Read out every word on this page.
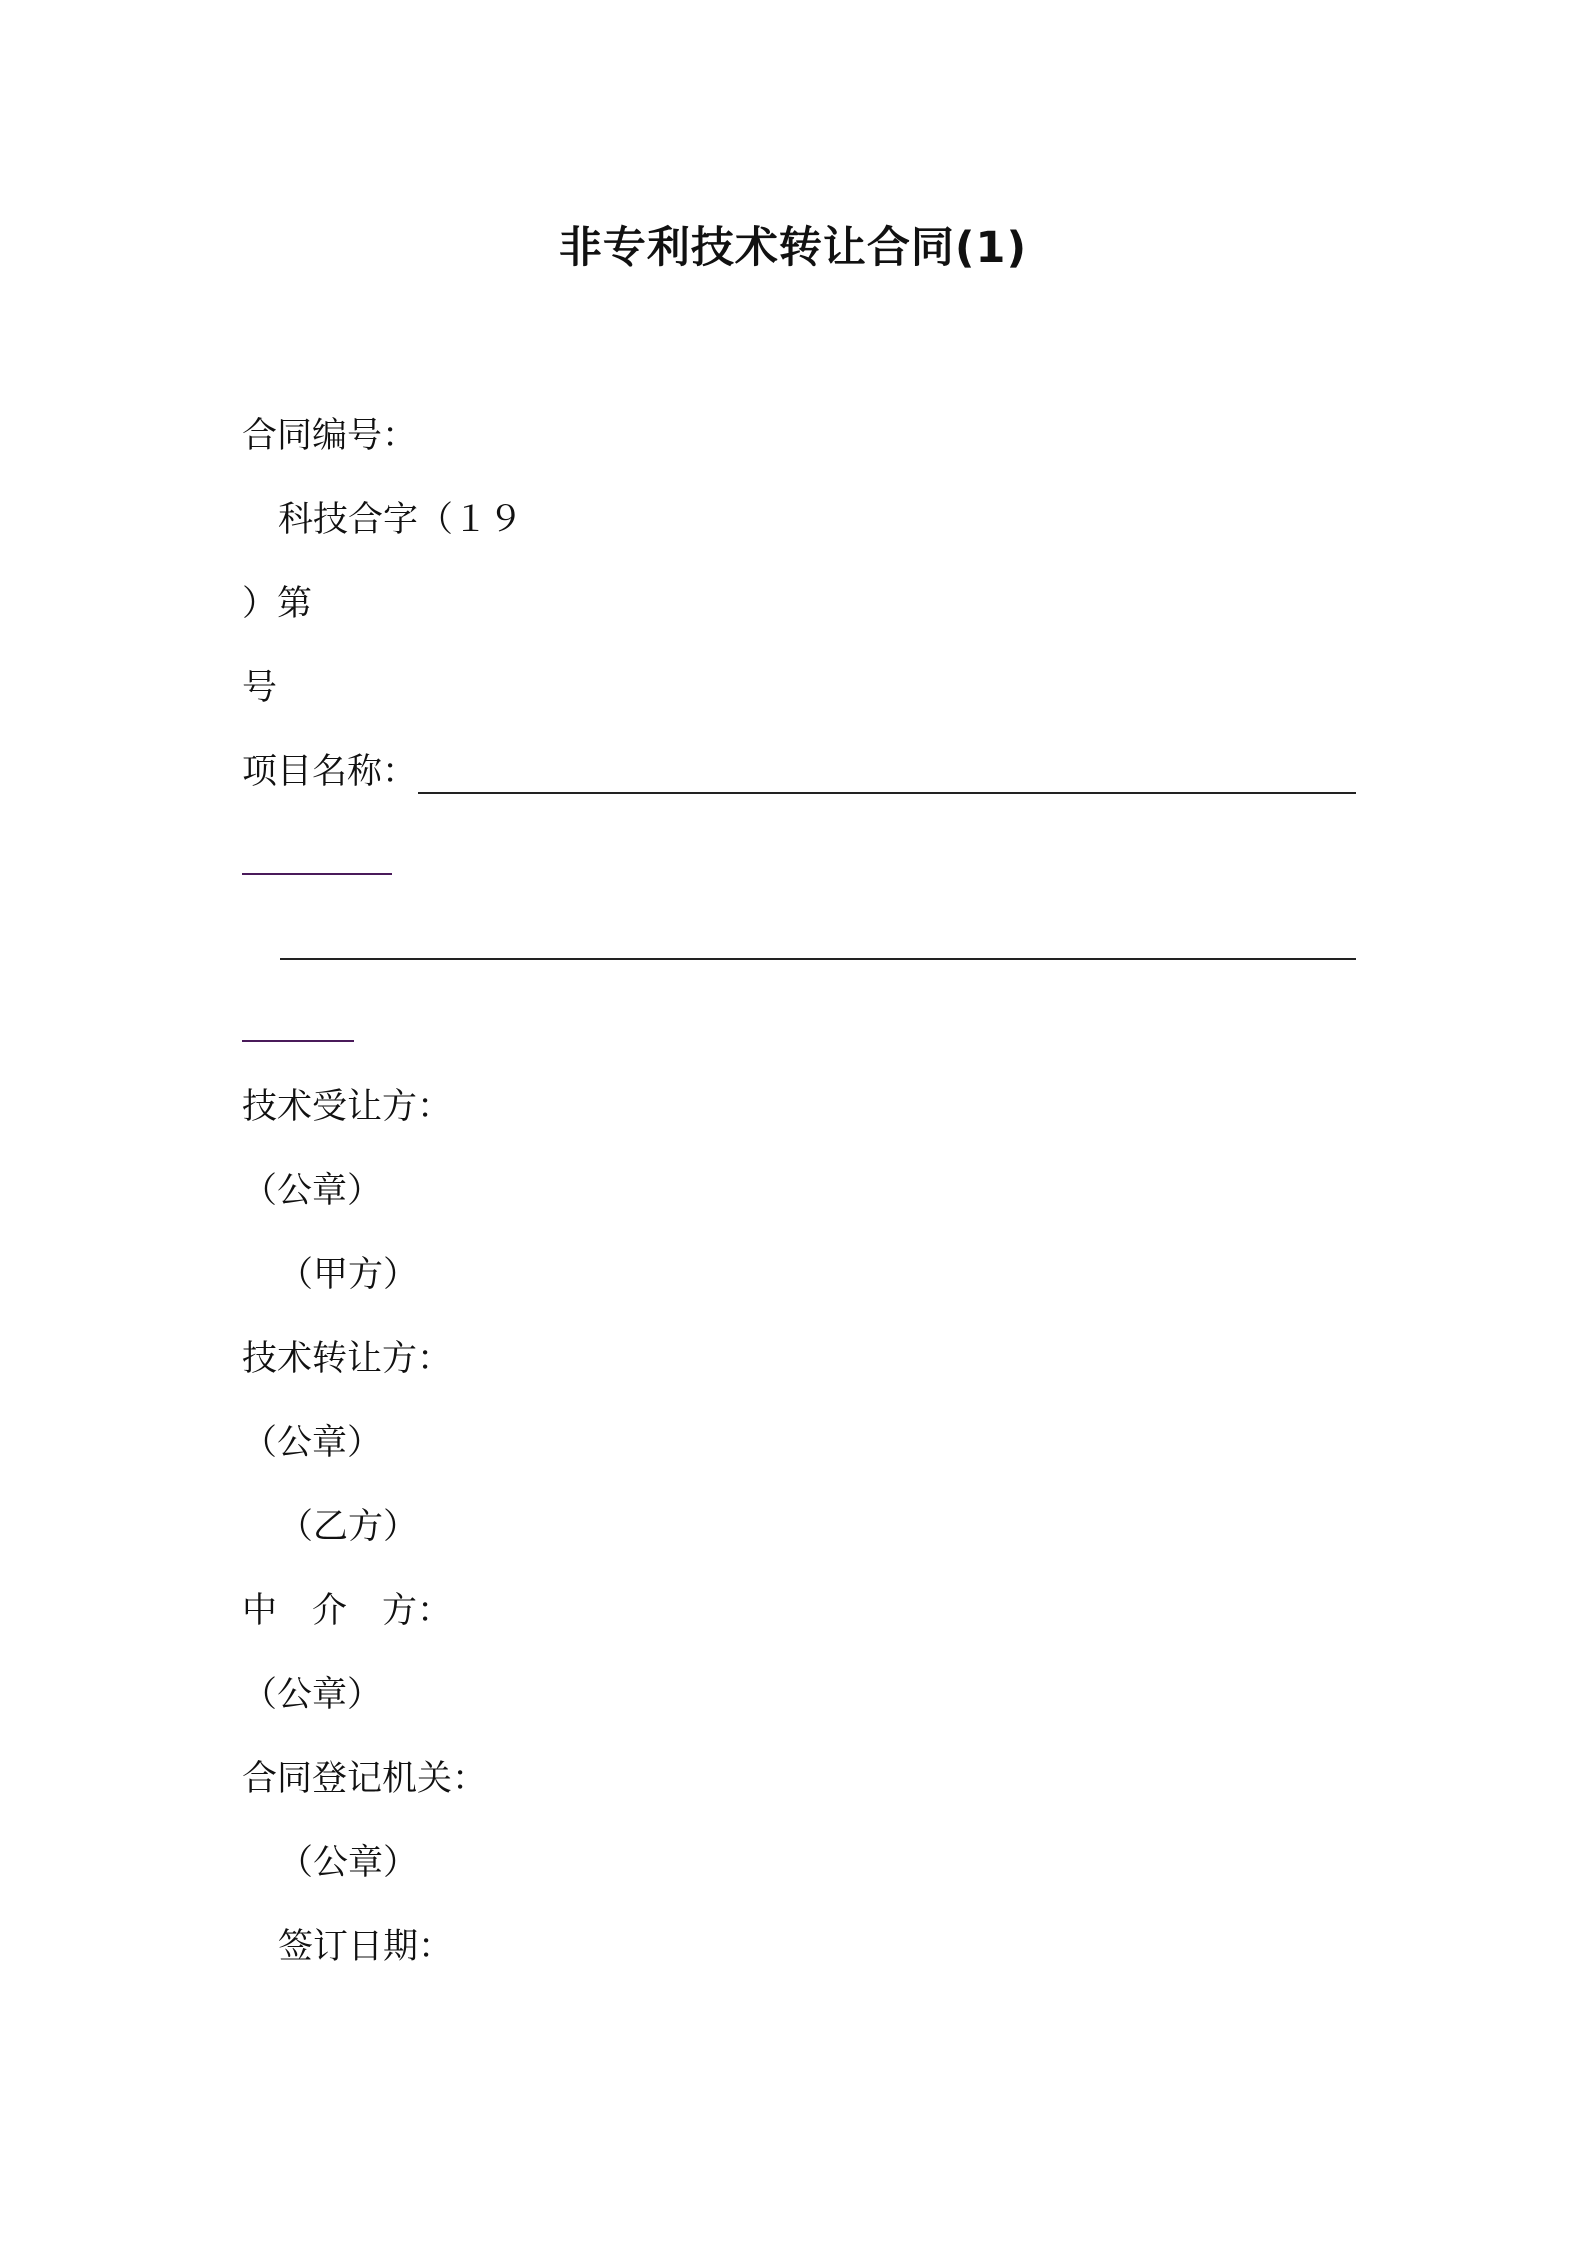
非专利技术转让合同(1)
合同编号：
科技合字（１９
）第
号
项目名称：
技术受让方：
（公章）
（甲方）
技术转让方：
（公章）
（乙方）
中　介　方：
（公章）
合同登记机关：
（公章）
签订日期：
